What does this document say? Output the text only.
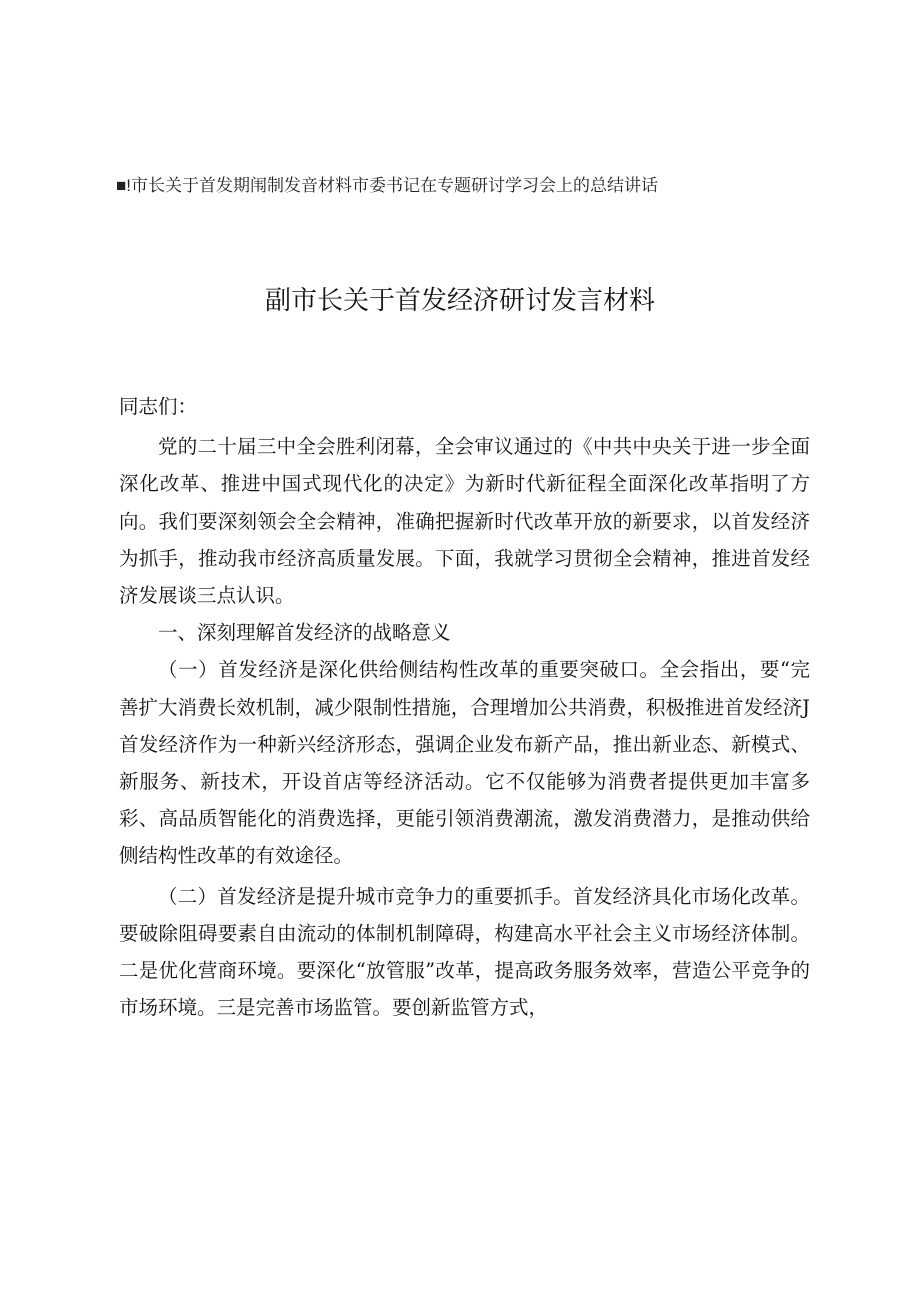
■!市长关于首发期闱制发音材料市委书记在专题研讨学习会上的总结讲话
副市长关于首发经济研讨发言材料

同志们：

党的二十届三中全会胜利闭幕，全会审议通过的《中共中央关于进一步全面深化改革、推进中国式现代化的决定》为新时代新征程全面深化改革指明了方向。我们要深刻领会全会精神，准确把握新时代改革开放的新要求，以首发经济为抓手，推动我市经济高质量发展。下面，我就学习贯彻全会精神，推进首发经济发展谈三点认识。

一、深刻理解首发经济的战略意义

（一）首发经济是深化供给侧结构性改革的重要突破口。全会指出，要“完善扩大消费长效机制，减少限制性措施，合理增加公共消费，积极推进首发经济J首发经济作为一种新兴经济形态，强调企业发布新产品，推出新业态、新模式、新服务、新技术，开设首店等经济活动。它不仅能够为消费者提供更加丰富多彩、高品质智能化的消费选择，更能引领消费潮流，激发消费潜力，是推动供给侧结构性改革的有效途径。

（二）首发经济是提升城市竞争力的重要抓手。首发经济具化市场化改革。要破除阻碍要素自由流动的体制机制障碍，构建高水平社会主义市场经济体制。二是优化营商环境。要深化“放管服”改革，提高政务服务效率，营造公平竞争的市场环境。三是完善市场监管。要创新监管方式，
